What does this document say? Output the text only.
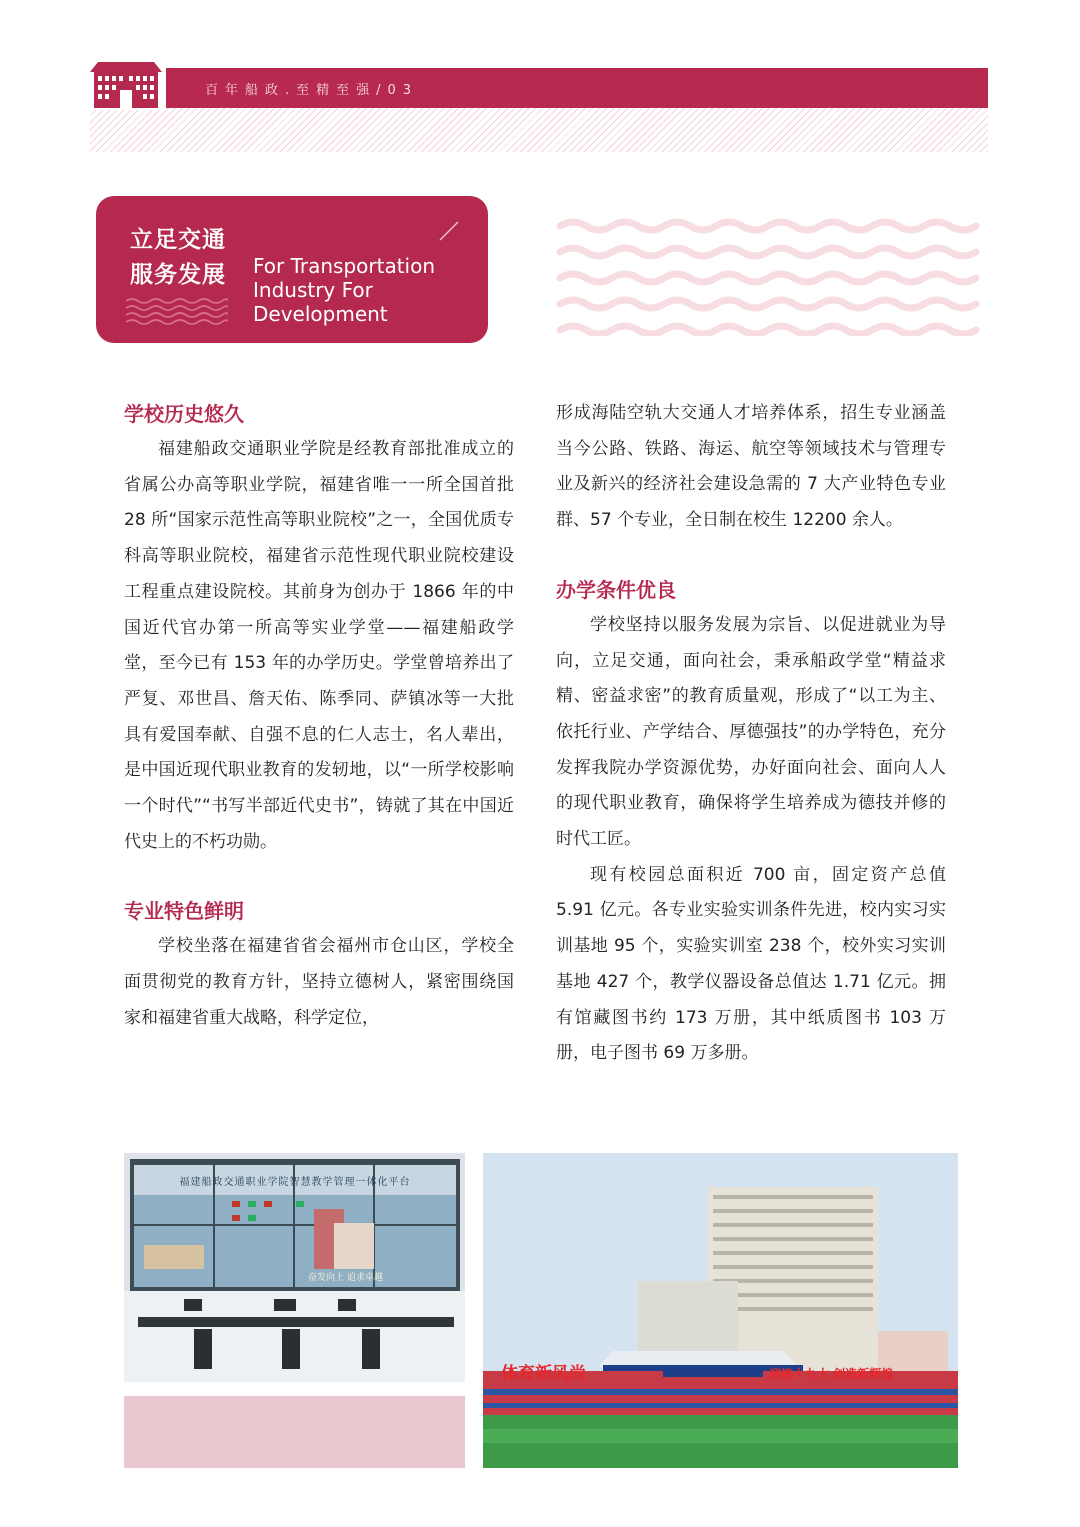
百年船政.至精至强/03
立足交通
服务发展 For Transportation
Industry For
Development
学校历史悠久

福建船政交通职业学院是经教育部批准成立的省属公办高等职业学院，福建省唯一一所全国首批 28 所“国家示范性高等职业院校”之一，全国优质专科高等职业院校，福建省示范性现代职业院校建设工程重点建设院校。其前身为创办于 1866 年的中国近代官办第一所高等实业学堂——福建船政学堂，至今已有 153 年的办学历史。学堂曾培养出了严复、邓世昌、詹天佑、陈季同、萨镇冰等一大批具有爱国奉献、自强不息的仁人志士，名人辈出，是中国近现代职业教育的发轫地，以“一所学校影响一个时代”“书写半部近代史书”，铸就了其在中国近代史上的不朽功勋。

专业特色鲜明

学校坐落在福建省省会福州市仓山区，学校全面贯彻党的教育方针，坚持立德树人，紧密围绕国家和福建省重大战略，科学定位，

形成海陆空轨大交通人才培养体系，招生专业涵盖当今公路、铁路、海运、航空等领域技术与管理专业及新兴的经济社会建设急需的 7 大产业特色专业群、57 个专业，全日制在校生 12200 余人。

办学条件优良

学校坚持以服务发展为宗旨、以促进就业为导向，立足交通，面向社会，秉承船政学堂“精益求精、密益求密”的教育质量观，形成了“以工为主、依托行业、产学结合、厚德强技”的办学特色，充分发挥我院办学资源优势，办好面向社会、面向人人的现代职业教育，确保将学生培养成为德技并修的时代工匠。

现有校园总面积近 700 亩，固定资产总值 5.91 亿元。各专业实验实训条件先进，校内实习实训基地 95 个，实验实训室 238 个，校外实习实训基地 427 个，教学仪器设备总值达 1.71 亿元。拥有馆藏图书约 173 万册，其中纸质图书 103 万册，电子图书 69 万多册。

福建船政交通职业学院智慧教学管理一体化平台
奋发向上 追求卓越
体育新风尚	迎接十九大 创造新辉煌
